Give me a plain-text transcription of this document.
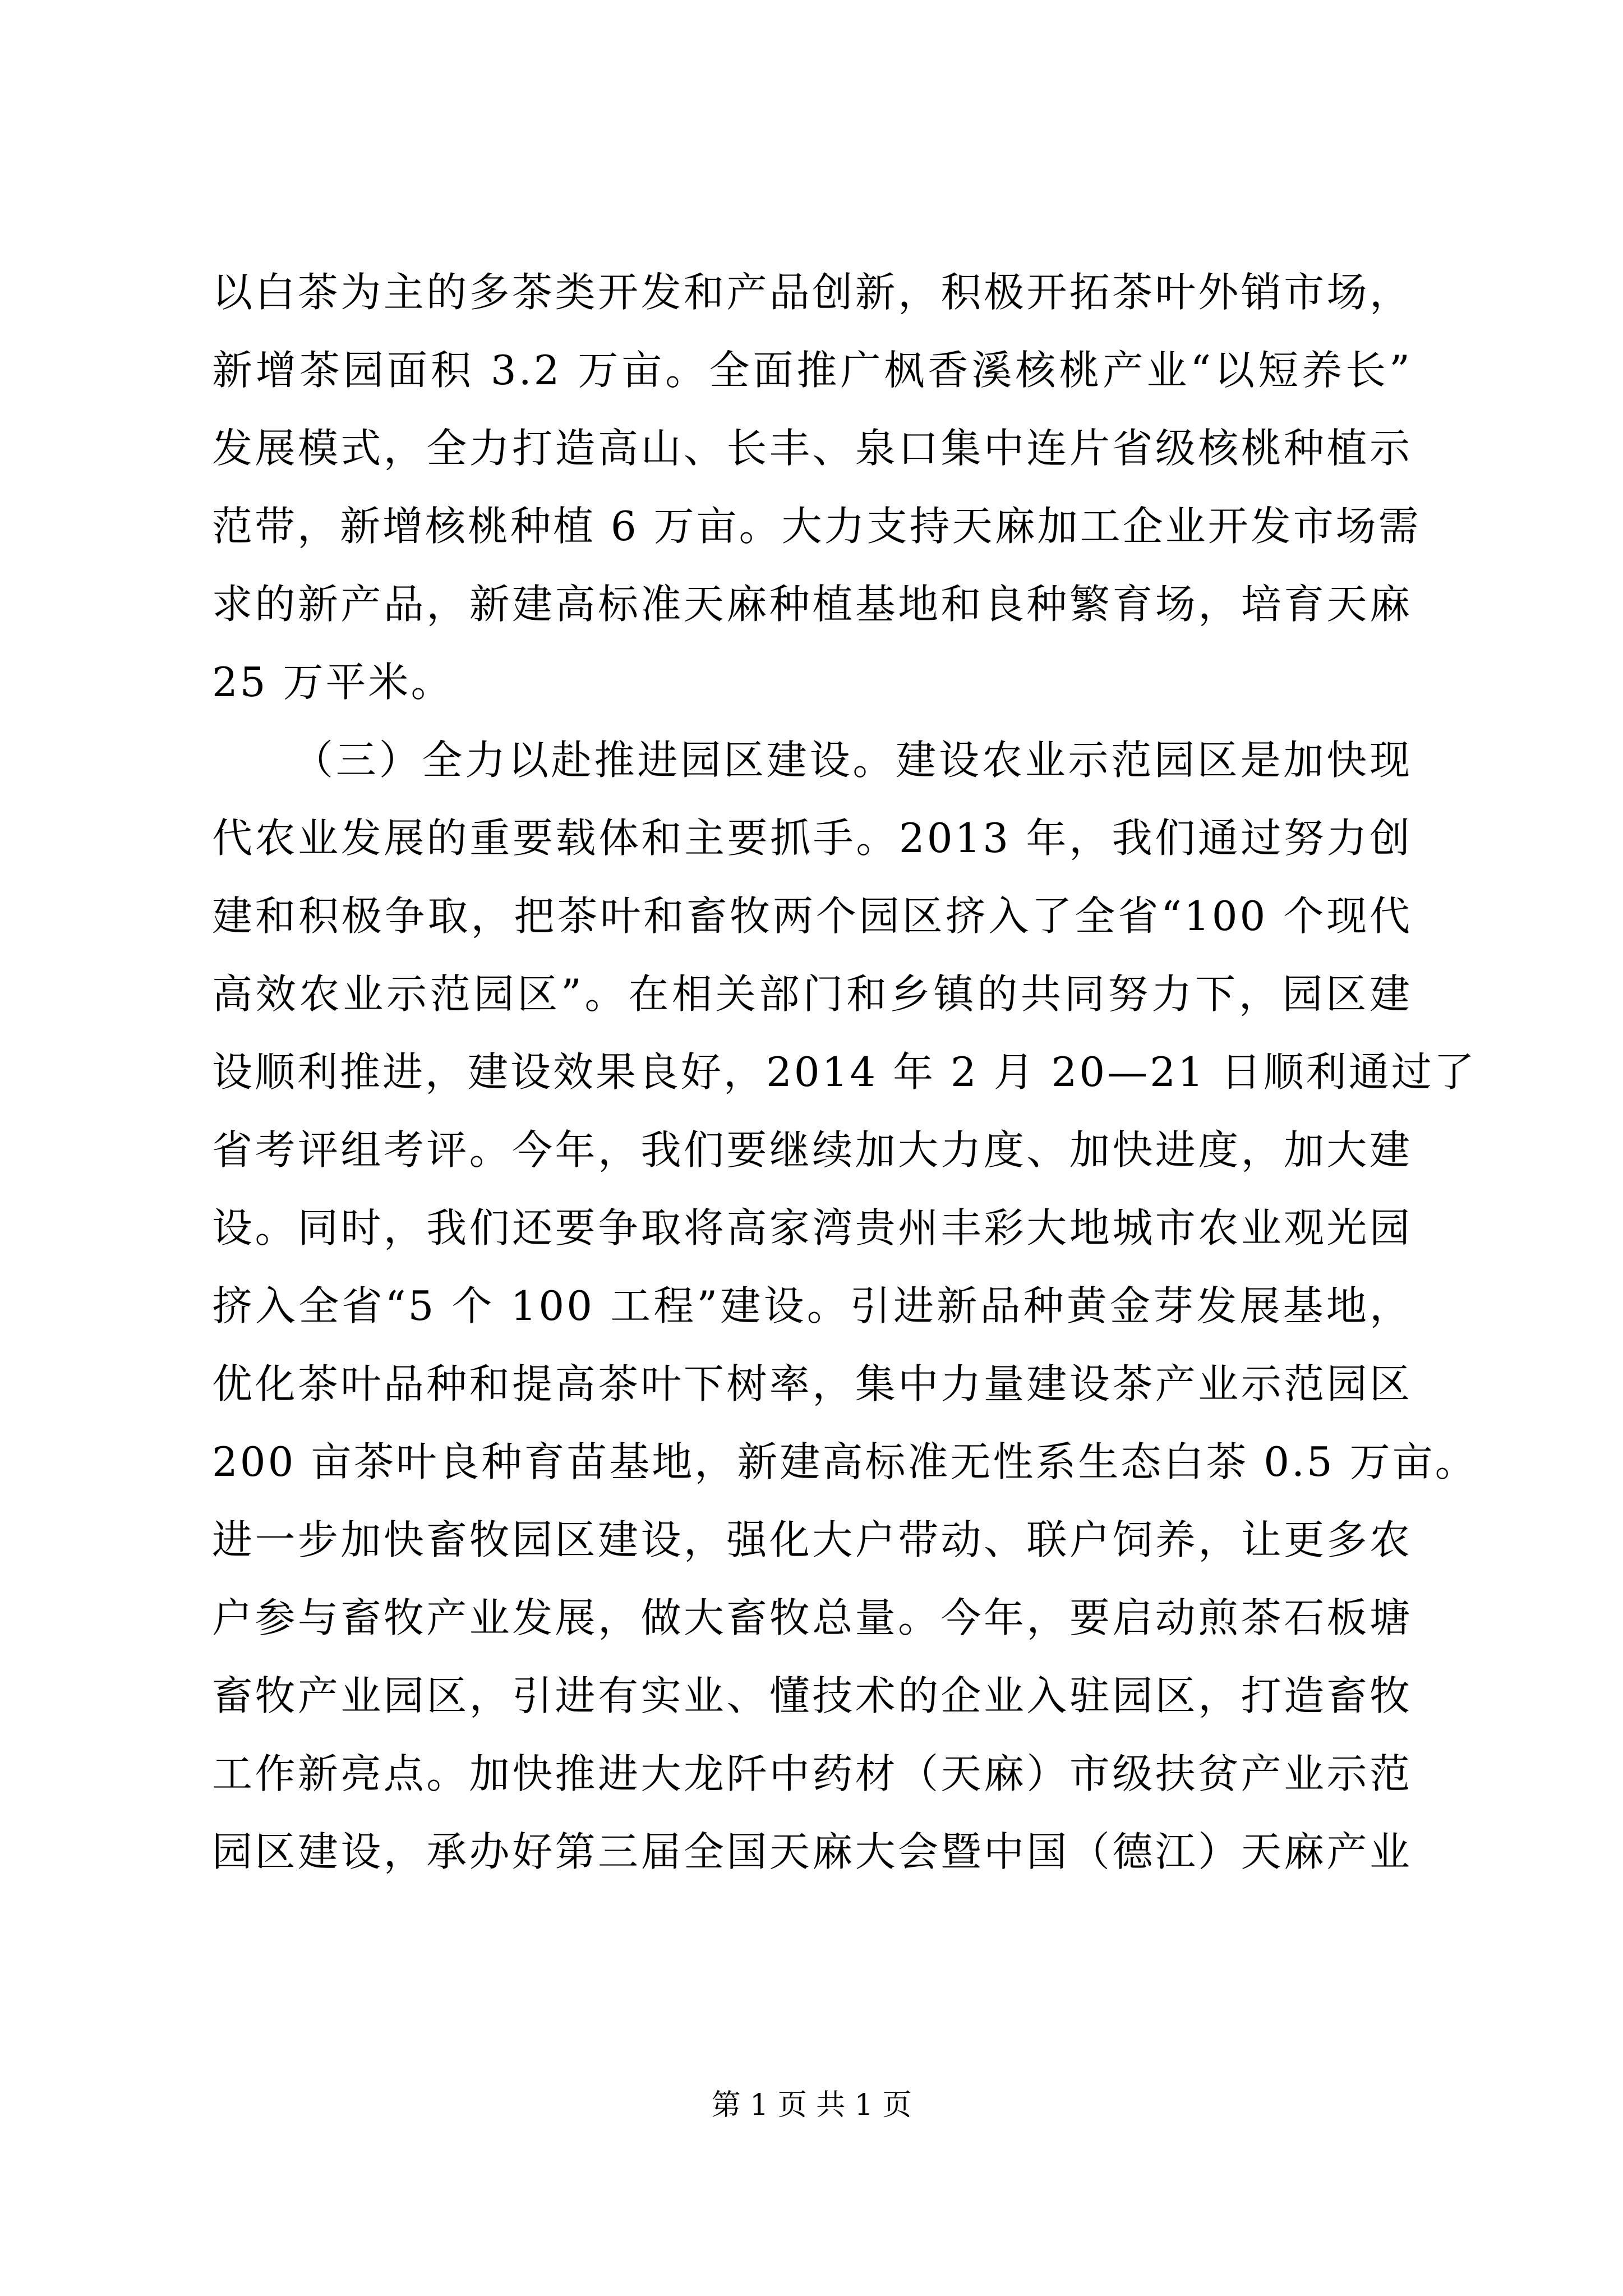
以白茶为主的多茶类开发和产品创新，积极开拓茶叶外销市场，
新增茶园面积 3.2 万亩。全面推广枫香溪核桃产业“以短养长”
发展模式，全力打造高山、长丰、泉口集中连片省级核桃种植示
范带，新增核桃种植 6 万亩。大力支持天麻加工企业开发市场需
求的新产品，新建高标准天麻种植基地和良种繁育场，培育天麻
25 万平米。
（三）全力以赴推进园区建设。建设农业示范园区是加快现
代农业发展的重要载体和主要抓手。2013 年，我们通过努力创
建和积极争取，把茶叶和畜牧两个园区挤入了全省“100 个现代
高效农业示范园区”。在相关部门和乡镇的共同努力下，园区建
设顺利推进，建设效果良好，2014 年 2 月 20—21 日顺利通过了
省考评组考评。今年，我们要继续加大力度、加快进度，加大建
设。同时，我们还要争取将高家湾贵州丰彩大地城市农业观光园
挤入全省“5 个 100 工程”建设。引进新品种黄金芽发展基地，
优化茶叶品种和提高茶叶下树率，集中力量建设茶产业示范园区
200 亩茶叶良种育苗基地，新建高标准无性系生态白茶 0.5 万亩。
进一步加快畜牧园区建设，强化大户带动、联户饲养，让更多农
户参与畜牧产业发展，做大畜牧总量。今年，要启动煎茶石板塘
畜牧产业园区，引进有实业、懂技术的企业入驻园区，打造畜牧
工作新亮点。加快推进大龙阡中药材（天麻）市级扶贫产业示范
园区建设，承办好第三届全国天麻大会暨中国（德江）天麻产业
第 1 页 共 1 页
